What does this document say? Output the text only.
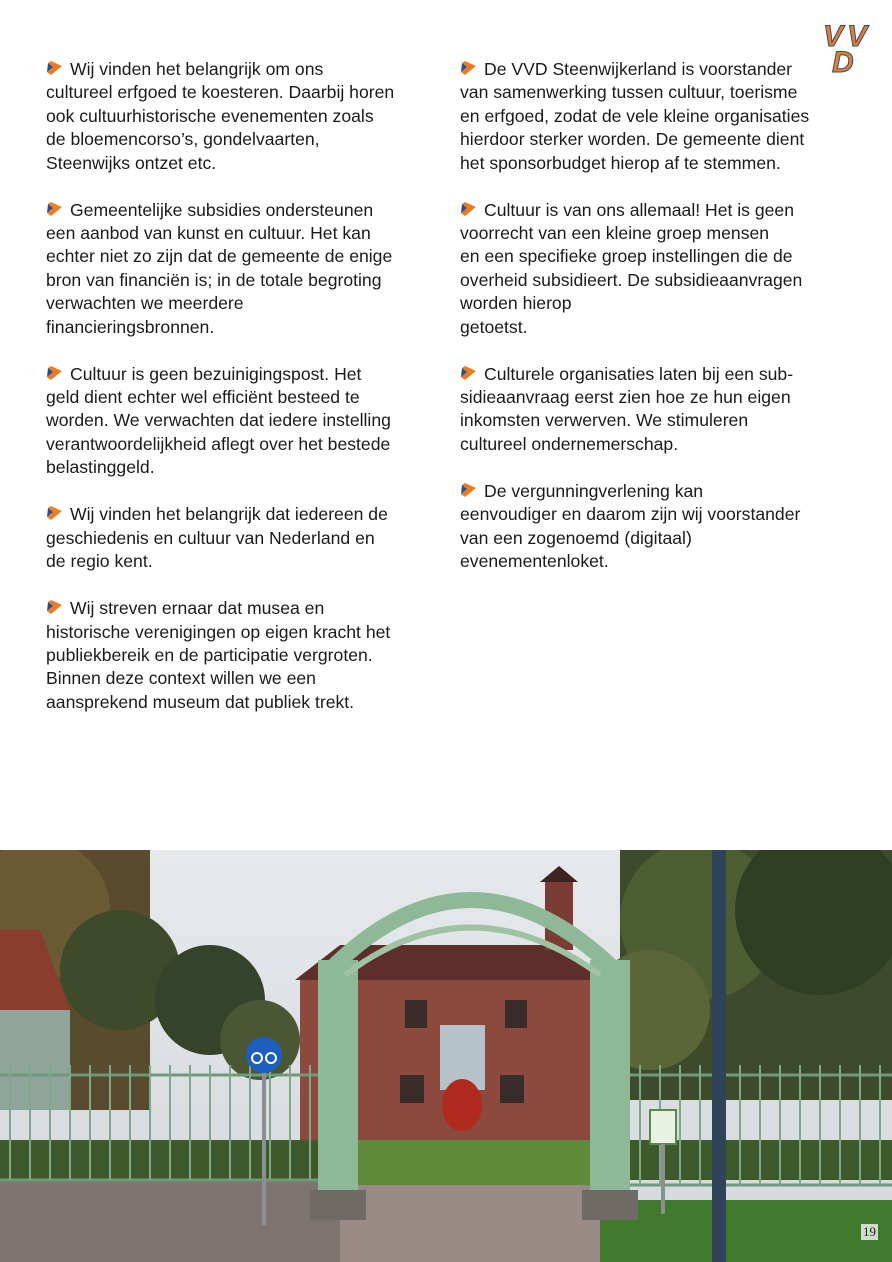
V V
D

Wij vinden het belangrijk om ons
cultureel erfgoed te koesteren. Daarbij horen
ook cultuurhistorische evenementen zoals
de bloemencorso’s, gondelvaarten,
Steenwijks ontzet etc.

Gemeentelijke subsidies ondersteunen
een aanbod van kunst en cultuur. Het kan
echter niet zo zijn dat de gemeente de enige
bron van financiën is; in de totale begroting
verwachten we meerdere
financieringsbronnen.

Cultuur is geen bezuinigingspost. Het
geld dient echter wel efficiënt besteed te
worden. We verwachten dat iedere instelling
verantwoordelijkheid aflegt over het bestede
belastinggeld.

Wij vinden het belangrijk dat iedereen de
geschiedenis en cultuur van Nederland en
de regio kent.

Wij streven ernaar dat musea en
historische verenigingen op eigen kracht het
publiekbereik en de participatie vergroten.
Binnen deze context willen we een
aansprekend museum dat publiek trekt.

De VVD Steenwijkerland is voorstander
van samenwerking tussen cultuur, toerisme
en erfgoed, zodat de vele kleine organisaties
hierdoor sterker worden. De gemeente dient
het sponsorbudget hierop af te stemmen.

Cultuur is van ons allemaal! Het is geen
voorrecht van een kleine groep mensen
en een specifieke groep instellingen die de
overheid subsidieert. De subsidieaanvragen
worden hierop
getoetst.

Culturele organisaties laten bij een sub-
sidieaanvraag eerst zien hoe ze hun eigen
inkomsten verwerven. We stimuleren
cultureel ondernemerschap.

De vergunningverlening kan
eenvoudiger en daarom zijn wij voorstander
van een zogenoemd (digitaal)
evenementenloket.

19
